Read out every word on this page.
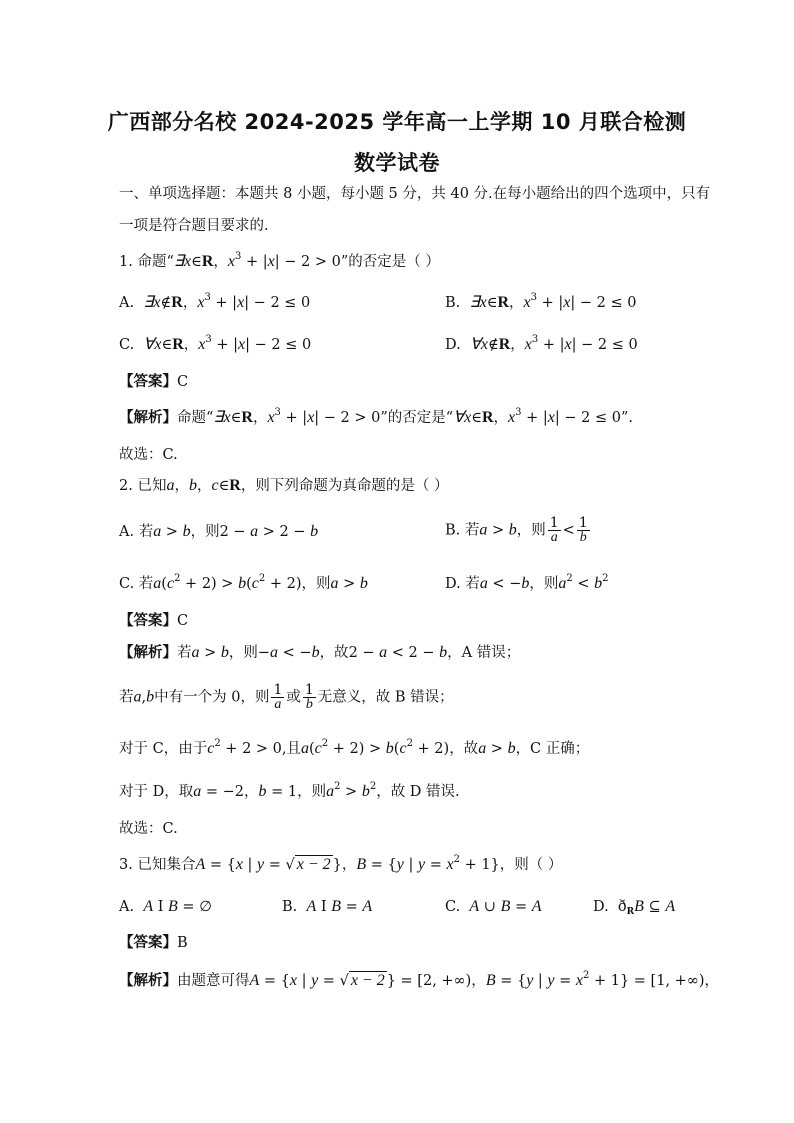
广西部分名校 2024-2025 学年高一上学期 10 月联合检测
数学试卷
一、单项选择题：本题共 8 小题，每小题 5 分，共 40 分.在每小题给出的四个选项中，只有
一项是符合题目要求的.
1. 命题“∃x∈R，$x^3 + |x| - 2 > 0$”的否定是（ ）
A. ∃x∉R，$x^3 + |x| - 2 \le 0$	B. ∃x∈R，$x^3 + |x| - 2 \le 0$
C. ∀x∈R，$x^3 + |x| - 2 \le 0$	D. ∀x∉R，$x^3 + |x| - 2 \le 0$
【答案】C
【解析】命题“∃x∈R，$x^3 + |x| - 2 > 0$”的否定是“∀x∈R，$x^3 + |x| - 2 \le 0$”.
故选：C.
2. 已知a，b，c∈R，则下列命题为真命题的是（ ）
A. 若a > b，则2 − a > 2 − b	B. 若a > b，则 $\frac{1}{a} < \frac{1}{b}$
C. 若$a(c^2 + 2) > b(c^2 + 2)$，则a > b	D. 若a < −b，则$a^2 < b^2$
【答案】C
【解析】若a > b，则−a < −b，故2 − a < 2 − b，A 错误；
若a,b中有一个为 0，则 $\frac{1}{a}$ 或 $\frac{1}{b}$ 无意义，故 B 错误；
对于 C，由于$c^2 + 2 > 0$,且$a(c^2 + 2) > b(c^2 + 2)$，故a > b，C 正确；
对于 D，取a = −2，b = 1，则$a^2 > b^2$，故 D 错误.
故选：C.
3. 已知集合A = {x | y = √ x − 2 }，B = {y | $y = x^2 + 1$}，则（ ）
A. A I B = ∅	B. A I B = A	C. A ∪ B = A	D.  $ð_RB$ ⊆ A
【答案】B
【解析】由题意可得A = {x | y = √ x − 2 } = [2, +∞)，B = {y | $y = x^2 + 1\} = [1$, +∞)，
